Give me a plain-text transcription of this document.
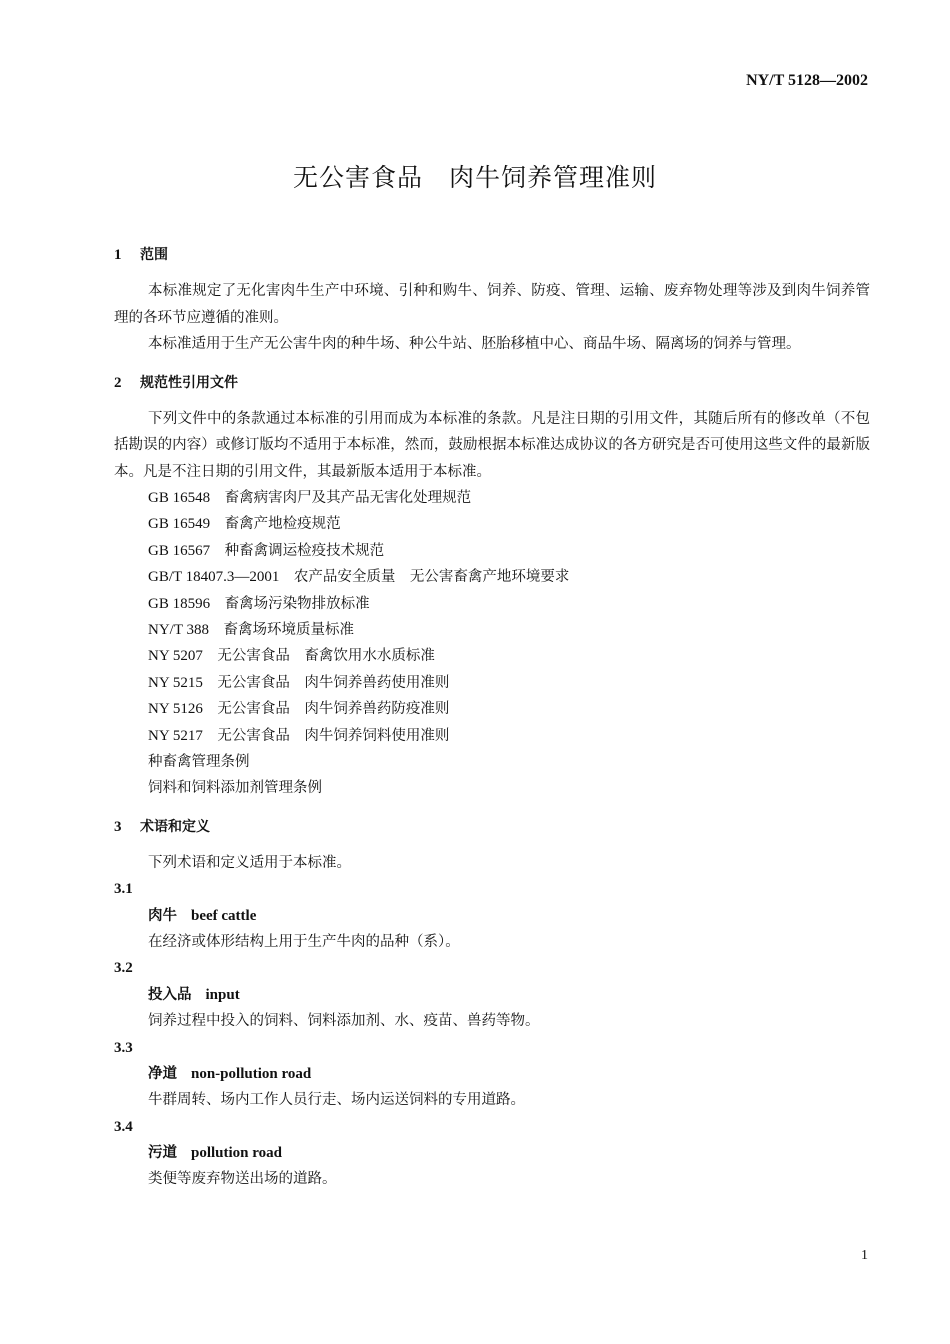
NY/T 5128—2002
无公害食品　肉牛饲养管理准则
1 范围

本标准规定了无化害肉牛生产中环境、引种和购牛、饲养、防疫、管理、运输、废弃物处理等涉及到肉牛饲养管理的各环节应遵循的准则。

本标准适用于生产无公害牛肉的种牛场、种公牛站、胚胎移植中心、商品牛场、隔离场的饲养与管理。

2 规范性引用文件

下列文件中的条款通过本标准的引用而成为本标准的条款。凡是注日期的引用文件，其随后所有的修改单（不包括勘误的内容）或修订版均不适用于本标准，然而，鼓励根据本标准达成协议的各方研究是否可使用这些文件的最新版本。凡是不注日期的引用文件，其最新版本适用于本标准。

GB 16548　 畜禽病害肉尸及其产品无害化处理规范
GB 16549　 畜禽产地检疫规范
GB 16567　 种畜禽调运检疫技术规范
GB/T 18407.3—2001　 农产品安全质量　无公害畜禽产地环境要求
GB 18596　 畜禽场污染物排放标准
NY/T 388　 畜禽场环境质量标准
NY 5207　 无公害食品　畜禽饮用水水质标准
NY 5215　 无公害食品　肉牛饲养兽药使用准则
NY 5126　 无公害食品　肉牛饲养兽药防疫准则
NY 5217　 无公害食品　肉牛饲养饲料使用准则
种畜禽管理条例
饲料和饲料添加剂管理条例
3 术语和定义

下列术语和定义适用于本标准。

3.1
肉牛 beef cattle
在经济或体形结构上用于生产牛肉的品种（系）。
3.2
投入品 input
饲养过程中投入的饲料、饲料添加剂、水、疫苗、兽药等物。
3.3
净道 non-pollution road
牛群周转、场内工作人员行走、场内运送饲料的专用道路。
3.4
污道 pollution road
类便等废弃物送出场的道路。
1
